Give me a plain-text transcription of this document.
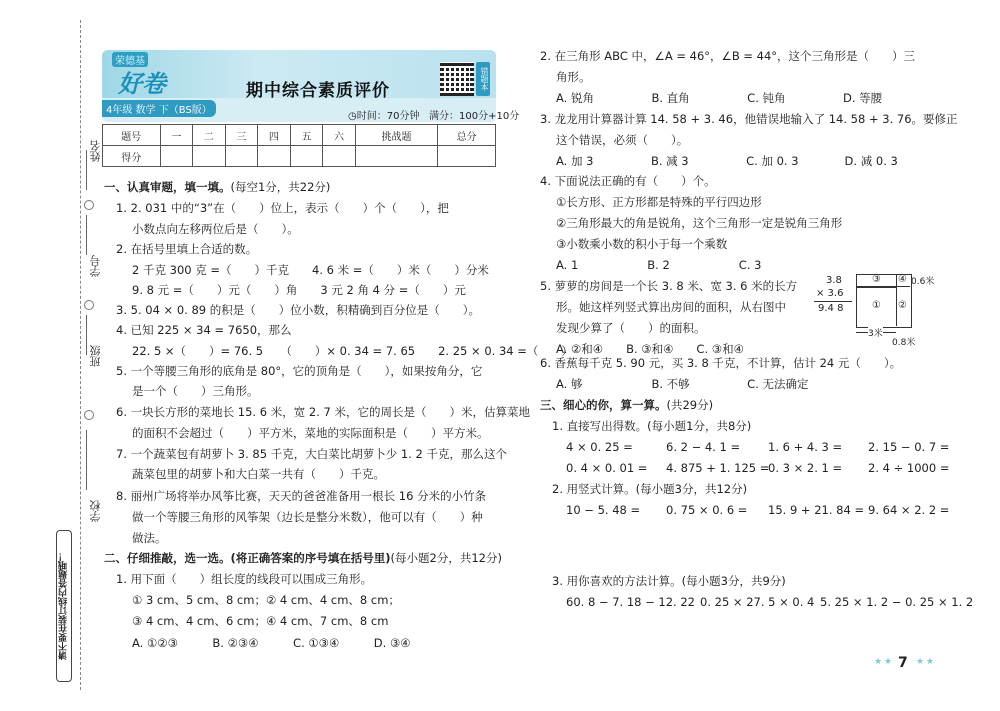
姓名
学号
班级
学校
请不要在装订线内答题哦！
荣德基
好卷	期中综合素质评价	错题本
4年级 数学 下（BS版）
◷时间：70分钟 满分：100分+10分
题号	一	二	三	四	五	六	挑战题	总分
得分								
一、认真审题，填一填。(每空1分，共22分)
1. 2. 031 中的“3”在（　　）位上，表示（　　）个（　　），把
小数点向左移两位后是（　　）。
2. 在括号里填上合适的数。
2 千克 300 克 =（　　）千克　　4. 6 米 =（　　）米（　　）分米
9. 8 元 =（　　）元（　　）角　　3 元 2 角 4 分 =（　　）元
3. 5. 04 × 0. 89 的积是（　　）位小数，积精确到百分位是（　　）。
4. 已知 225 × 34 = 7650，那么
22. 5 ×（　　）= 76. 5　　（　　）× 0. 34 = 7. 65　　2. 25 × 0. 34 =（　　）
5. 一个等腰三角形的底角是 80°，它的顶角是（　　），如果按角分，它
是一个（　　）三角形。
6. 一块长方形的菜地长 15. 6 米，宽 2. 7 米，它的周长是（　　）米，估算菜地
的面积不会超过（　　）平方米，菜地的实际面积是（　　）平方米。
7. 一个蔬菜包有胡萝卜 3. 85 千克，大白菜比胡萝卜少 1. 2 千克，那么这个
蔬菜包里的胡萝卜和大白菜一共有（　　）千克。
8. 丽州广场将举办风筝比赛，天天的爸爸准备用一根长 16 分米的小竹条
做一个等腰三角形的风筝架（边长是整分米数），他可以有（　　）种
做法。
二、仔细推敲，选一选。(将正确答案的序号填在括号里)(每小题2分，共12分)
1. 用下面（　　）组长度的线段可以围成三角形。
① 3 cm、5 cm、8 cm；② 4 cm、4 cm、8 cm；
③ 4 cm、4 cm、6 cm；④ 4 cm、7 cm、8 cm
A. ①②③　　　B. ②③④　　　C. ①③④　　　D. ③④
2. 在三角形 ABC 中，∠A = 46°，∠B = 44°，这个三角形是（　　）三
角形。
A. 锐角　　　　　B. 直角　　　　　C. 钝角　　　　　D. 等腰
3. 龙龙用计算器计算 14. 58 + 3. 46，他错误地输入了 14. 58 + 3. 76。要修正
这个错误，必须（　　）。
A. 加 3　　　　　B. 减 3　　　　　C. 加 0. 3　　　　D. 减 0. 3
4. 下面说法正确的有（　　）个。
①长方形、正方形都是特殊的平行四边形
②三角形最大的角是锐角，这个三角形一定是锐角三角形
③小数乘小数的积小于每一个乘数
A. 1　　　　　　B. 2　　　　　　C. 3
5. 萝萝的房间是一个长 3. 8 米、宽 3. 6 米的长方
形。她这样列竖式算出房间的面积，从右图中
发现少算了（　　）的面积。
A. ②和④　　B. ③和④　　C. ③和④
3.8
× 3.6
9.4 8
③ ④
① ②
0.6米
3米
0.8米
6. 香蕉每千克 5. 90 元，买 3. 8 千克，不计算，估计 24 元（　　）。
A. 够　　　　　　B. 不够　　　　　C. 无法确定
三、细心的你，算一算。(共29分)
1. 直接写出得数。(每小题1分，共8分)
4 × 0. 25 =	6. 2 − 4. 1 = 1. 6 + 4. 3 = 2. 15 − 0. 7 =
0. 4 × 0. 01 = 4. 875 + 1. 125 =
0. 3 × 2. 1 = 2. 4 ÷ 1000 =
2. 用竖式计算。(每小题3分，共12分)
10 − 5. 48 = 0. 75 × 0. 6 = 15. 9 + 21. 84 = 9. 64 × 2. 2 =
3. 用你喜欢的方法计算。(每小题3分，共9分)
60. 8 − 7. 18 − 12. 22 0. 25 × 27. 5 × 0. 4 5. 25 × 1. 2 − 0. 25 × 1. 2
★ ★ 7 ★ ★
